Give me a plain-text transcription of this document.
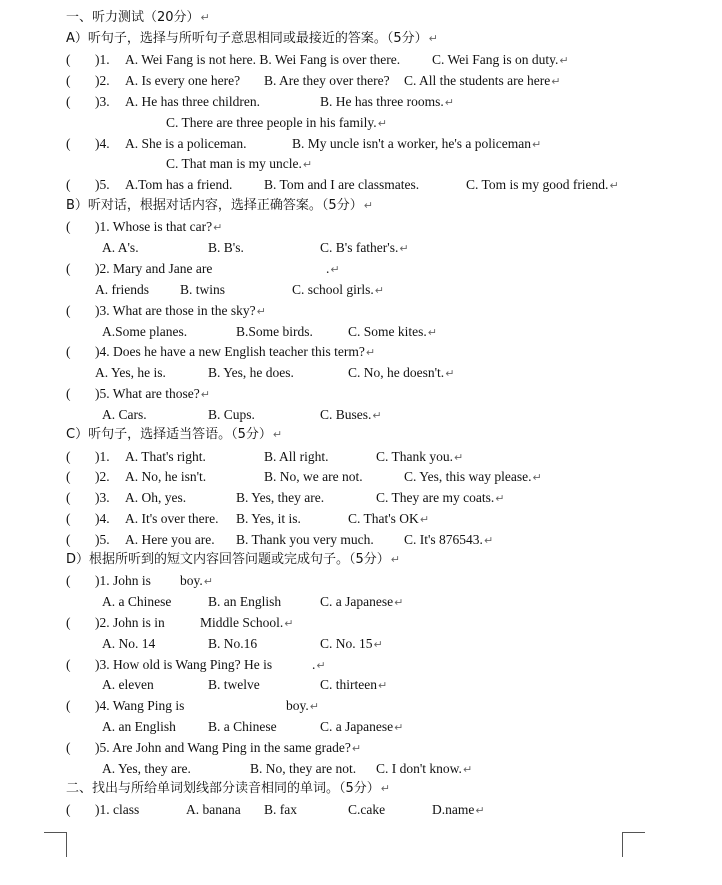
一、听力测试（20分）↵
A）听句子，选择与所听句子意思相同或最接近的答案。（5分）↵
( )1. A. Wei Fang is not here. B. Wei Fang is over there. C. Wei Fang is on duty.↵
( )2. A. Is every one here? B. Are they over there? C. All the students are here↵
( )3. A. He has three children.	B. He has three rooms.↵
C. There are three people in his family.↵
( )4. A. She is a policeman.	B. My uncle isn't a worker, he's a policeman↵
C. That man is my uncle.↵
( )5. A.Tom has a friend. B. Tom and I are classmates.	C. Tom is my good friend.↵
B）听对话，根据对话内容，选择正确答案。（5分）↵
( )1. Whose is that car?↵
A. A's.	B. B's.	C. B's father's.↵
( )2. Mary and Jane are	.↵
A. friends B. twins	C. school girls.↵
( )3. What are those in the sky?↵
A.Some planes.	B.Some birds.	C. Some kites.↵
( )4. Does he have a new English teacher this term?↵
A. Yes, he is.	B. Yes, he does.	C. No, he doesn't.↵
( )5. What are those?↵
A. Cars.	B. Cups.	C. Buses.↵
C）听句子，选择适当答语。（5分）↵
( )1. A. That's right.	B. All right.	C. Thank you.↵
( )2. A. No, he isn't.	B. No, we are not.	C. Yes, this way please.↵
( )3. A. Oh, yes.	B. Yes, they are.	C. They are my coats.↵
( )4. A. It's over there. B. Yes, it is.	C. That's OK↵
( )5. A. Here you are. B. Thank you very much. C. It's 876543.↵
D）根据所听到的短文内容回答问题或完成句子。（5分）↵
( )1. John is boy.↵
A. a Chinese	B. an English	C. a Japanese↵
( )2. John is in	Middle School.↵
A. No. 14	B. No.16	C. No. 15↵
( )3. How old is Wang Ping? He is	.↵
A. eleven	B. twelve	C. thirteen↵
( )4. Wang Ping is	boy.↵
A. an English B. a Chinese	C. a Japanese↵
( )5. Are John and Wang Ping in the same grade?↵
A. Yes, they are.	B. No, they are not. C. I don't know.↵
二、找出与所给单词划线部分读音相同的单词。（5分）↵
( )1. class	A. banana B. fax	C.cake	D.name↵
